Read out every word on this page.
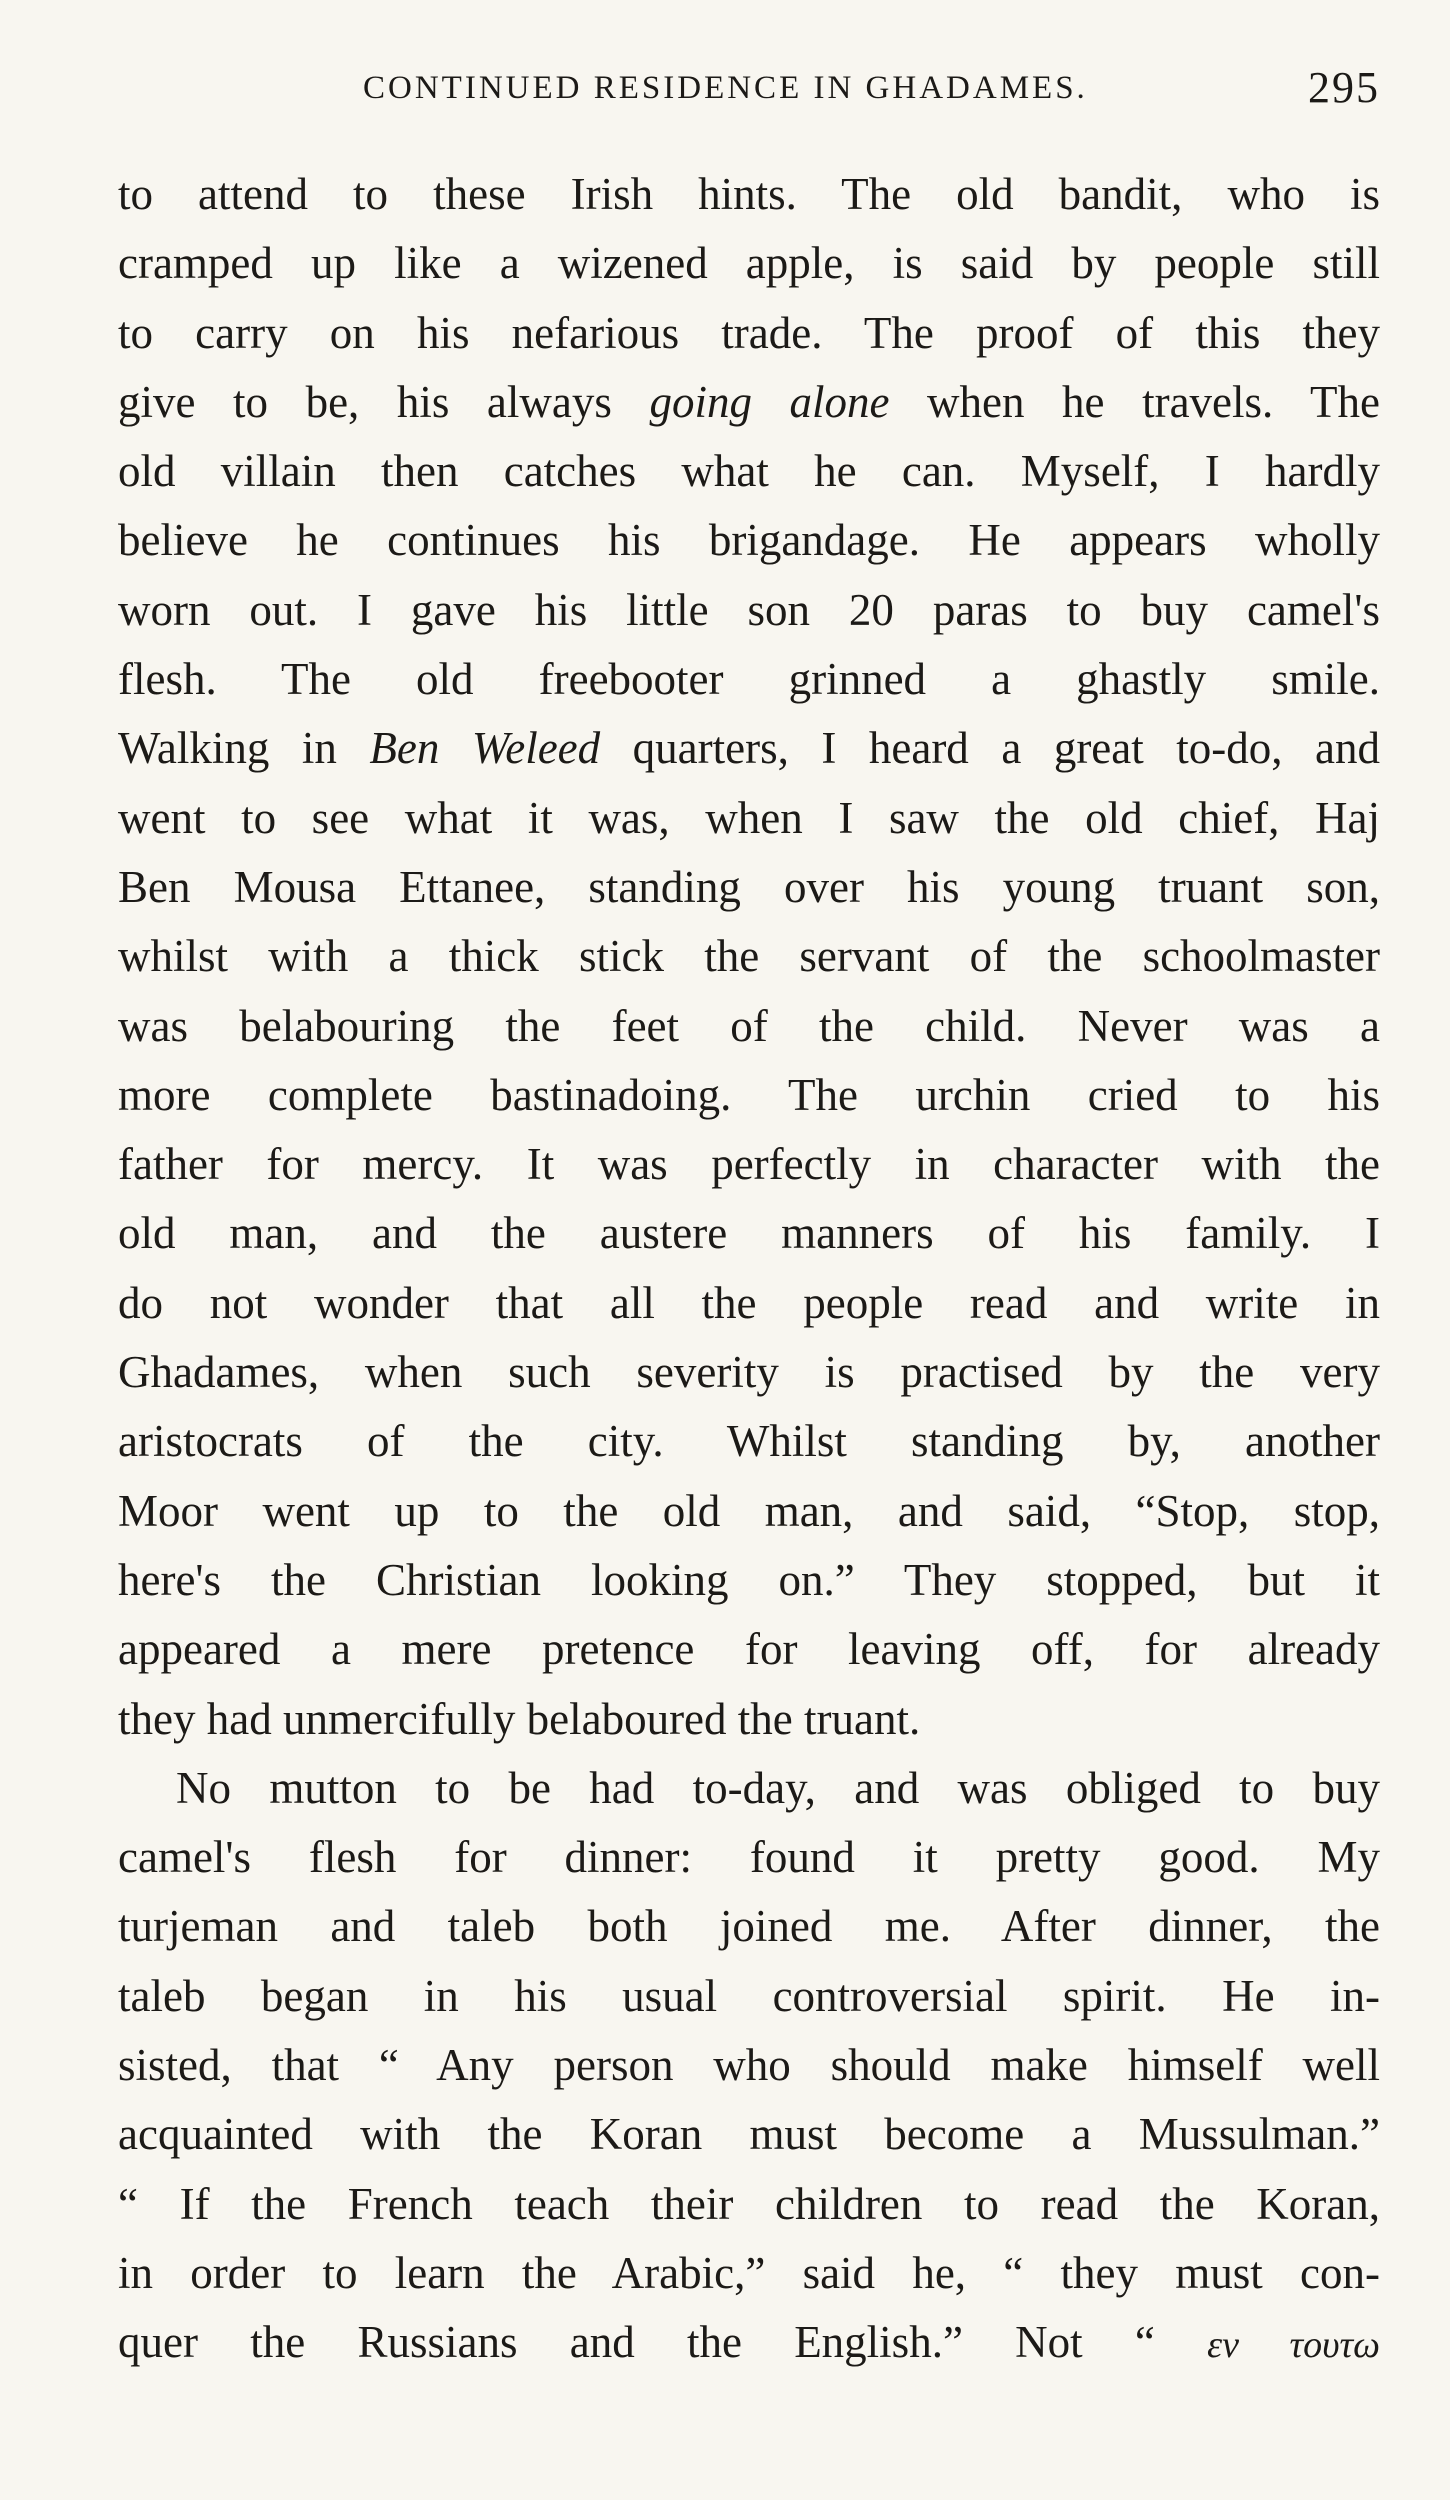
CONTINUED RESIDENCE IN GHADAMES.	295
to attend to these Irish hints. The old bandit, who is
cramped up like a wizened apple, is said by people still
to carry on his nefarious trade. The proof of this they
give to be, his always going alone when he travels. The
old villain then catches what he can. Myself, I hardly
believe he continues his brigandage. He appears wholly
worn out. I gave his little son 20 paras to buy camel's
flesh. The old freebooter grinned a ghastly smile.
Walking in Ben Weleed quarters, I heard a great to-do, and
went to see what it was, when I saw the old chief, Haj
Ben Mousa Ettanee, standing over his young truant son,
whilst with a thick stick the servant of the schoolmaster
was belabouring the feet of the child. Never was a
more complete bastinadoing. The urchin cried to his
father for mercy. It was perfectly in character with the
old man, and the austere manners of his family. I
do not wonder that all the people read and write in
Ghadames, when such severity is practised by the very
aristocrats of the city. Whilst standing by, another
Moor went up to the old man, and said, “Stop, stop,
here's the Christian looking on.” They stopped, but it
appeared a mere pretence for leaving off, for already
they had unmercifully belaboured the truant.
No mutton to be had to-day, and was obliged to buy
camel's flesh for dinner: found it pretty good. My
turjeman and taleb both joined me. After dinner, the
taleb began in his usual controversial spirit. He in-
sisted, that “ Any person who should make himself well
acquainted with the Koran must become a Mussulman.”
“ If the French teach their children to read the Koran,
in order to learn the Arabic,” said he, “ they must con-
quer the Russians and the English.” Not “ εν τουτω
